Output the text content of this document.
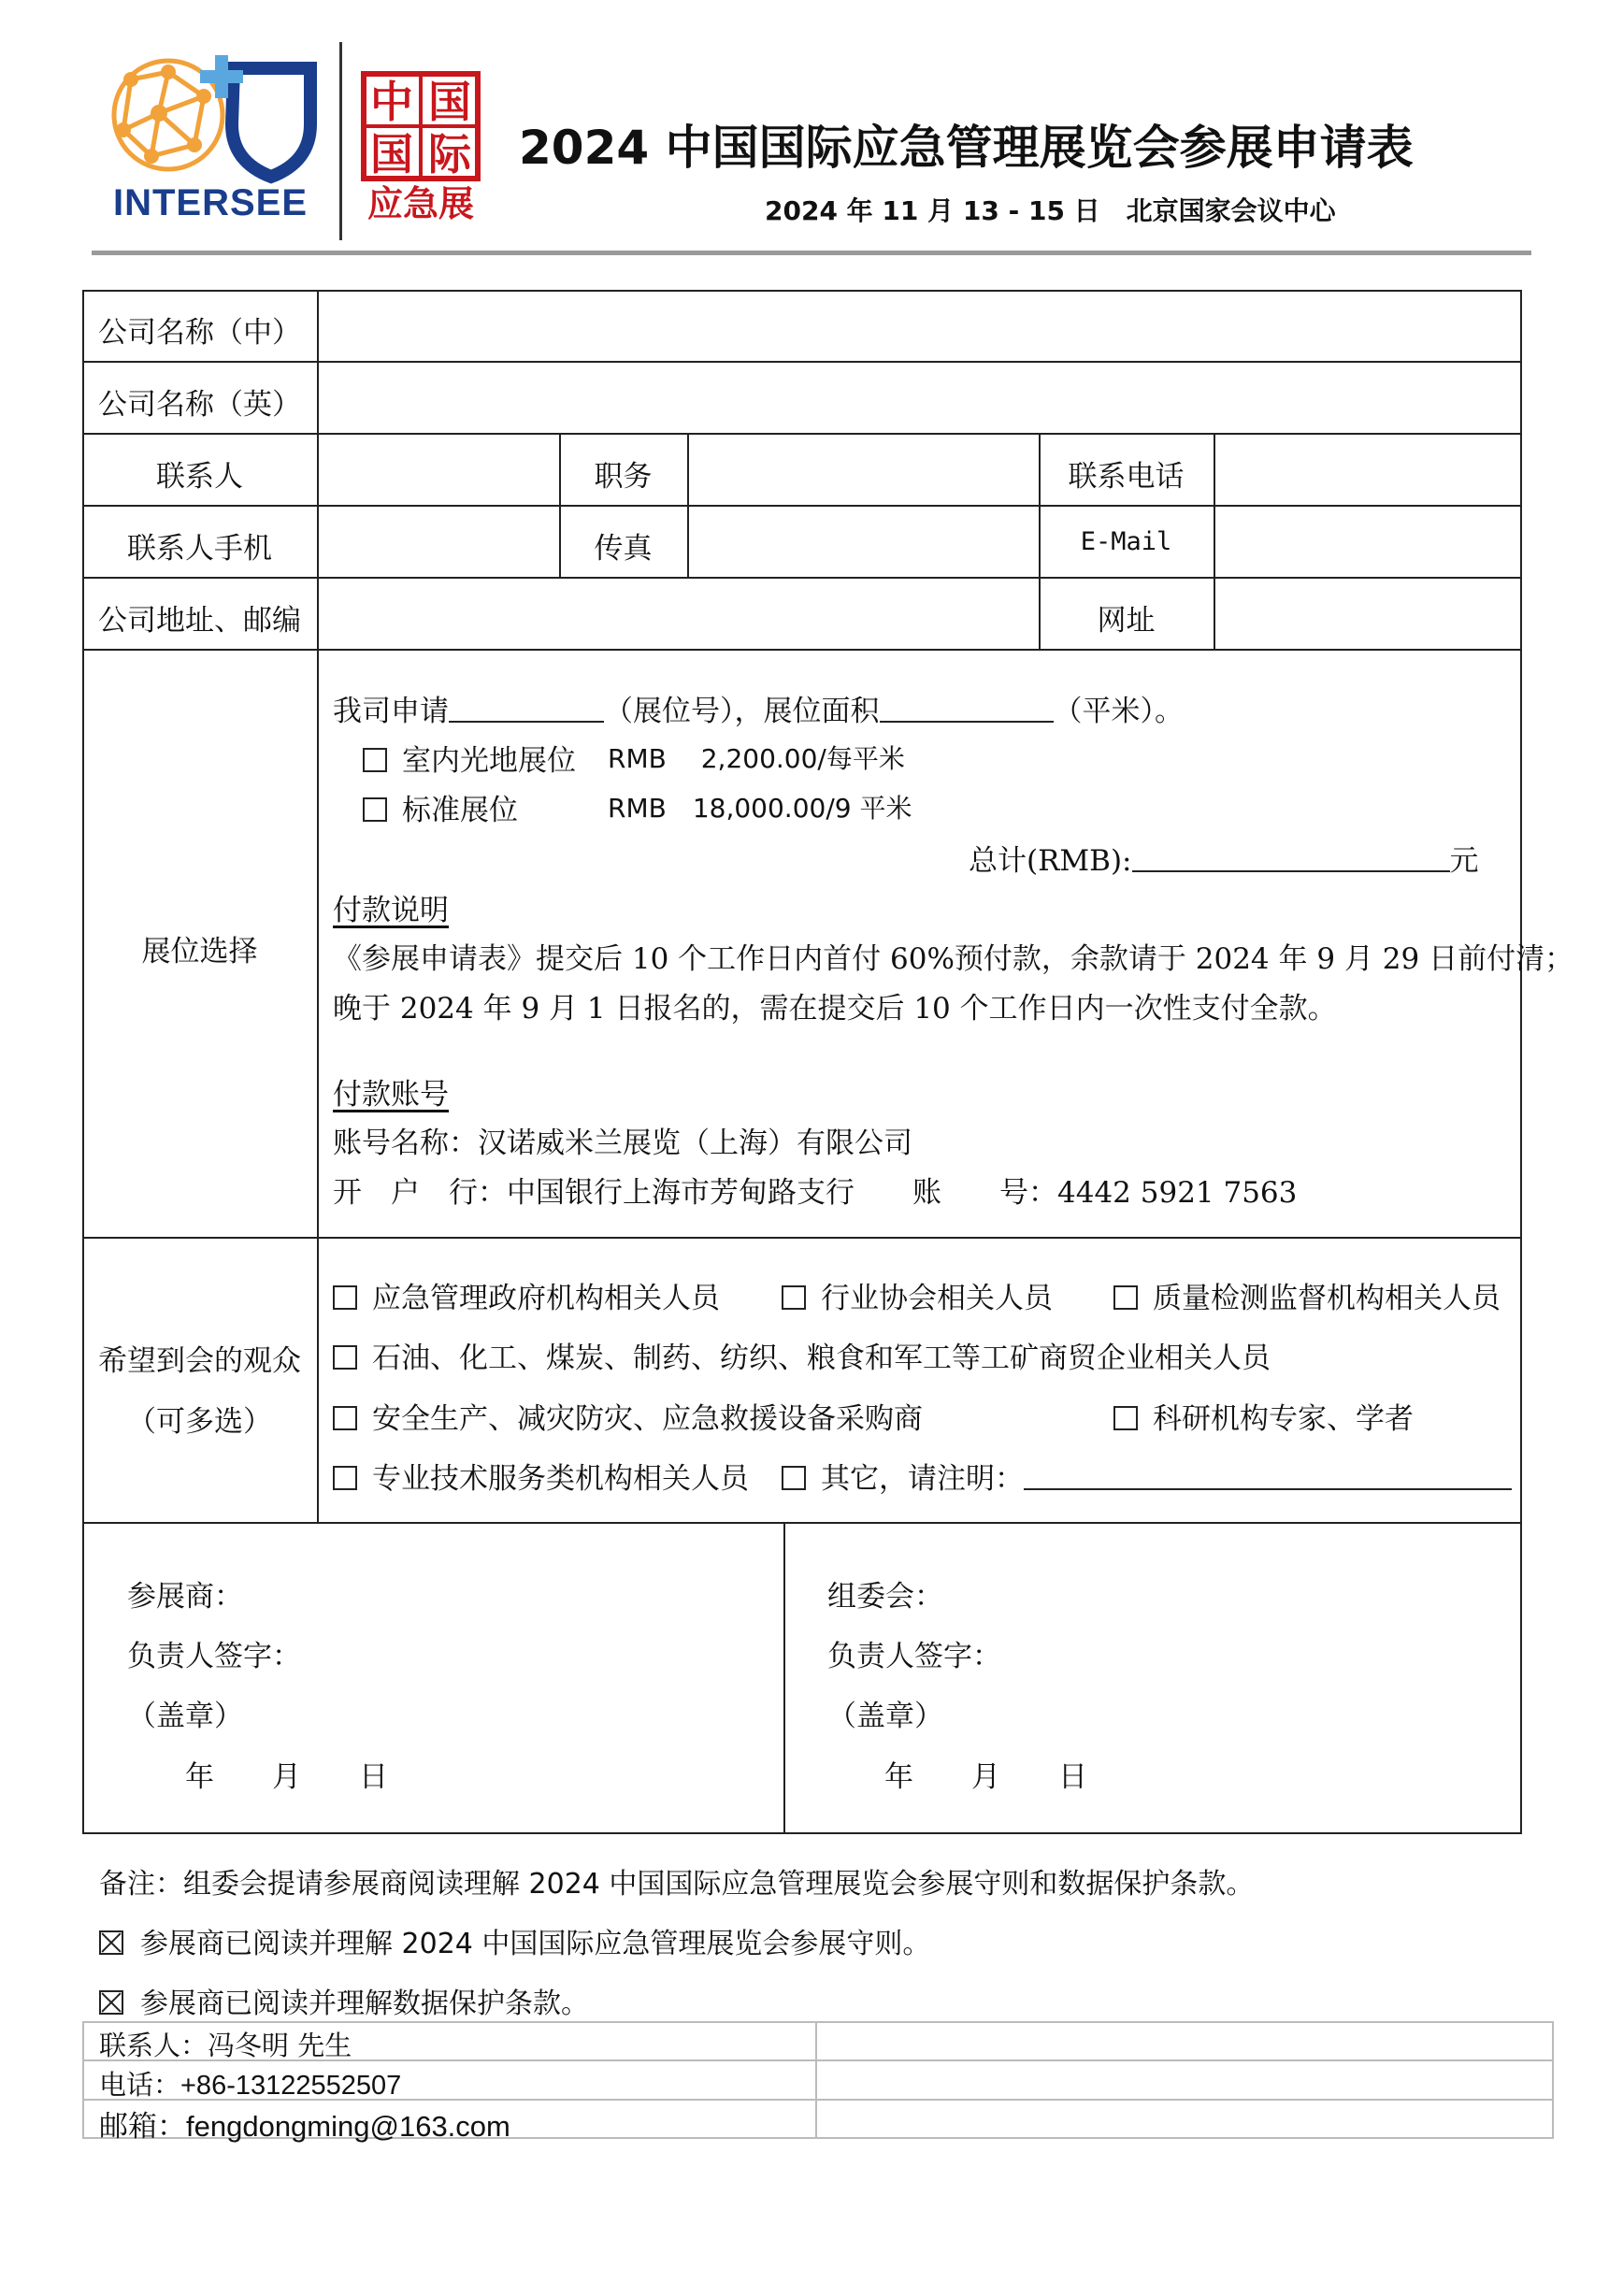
INTERSEE
中 国
国 际
应急展
2024 中国国际应急管理展览会参展申请表
2024 年 11 月 13 - 15 日　北京国家会议中心
公司名称（中）
公司名称（英）
联系人	职务	联系电话
联系人手机	传真	E-Mail
公司地址、邮编	网址
展位选择
我司申请	（展位号），展位面积	（平米）。
室内光地展位 RMB　 2,200.00/每平米
标准展位	RMB　18,000.00/9 平米
总计(RMB):	元
付款说明
《参展申请表》提交后 10 个工作日内首付 60%预付款，余款请于 2024 年 9 月 29 日前付清；
晚于 2024 年 9 月 1 日报名的，需在提交后 10 个工作日内一次性支付全款。
付款账号
账号名称：汉诺威米兰展览（上海）有限公司
开　户　行：中国银行上海市芳甸路支行　　账　　号：4442 5921 7563
希望到会的观众
（可多选）
应急管理政府机构相关人员	行业协会相关人员	质量检测监督机构相关人员
石油、化工、煤炭、制药、纺织、粮食和军工等工矿商贸企业相关人员
安全生产、减灾防灾、应急救援设备采购商	科研机构专家、学者
专业技术服务类机构相关人员	其它，请注明：
参展商：
负责人签字：
（盖章）
年　　月　　日
组委会：
负责人签字：
（盖章）
年　　月　　日
备注：组委会提请参展商阅读理解 2024 中国国际应急管理展览会参展守则和数据保护条款。
参展商已阅读并理解 2024 中国国际应急管理展览会参展守则。
参展商已阅读并理解数据保护条款。
联系人：冯冬明 先生
电话：+86-13122552507
邮箱：fengdongming@163.com
